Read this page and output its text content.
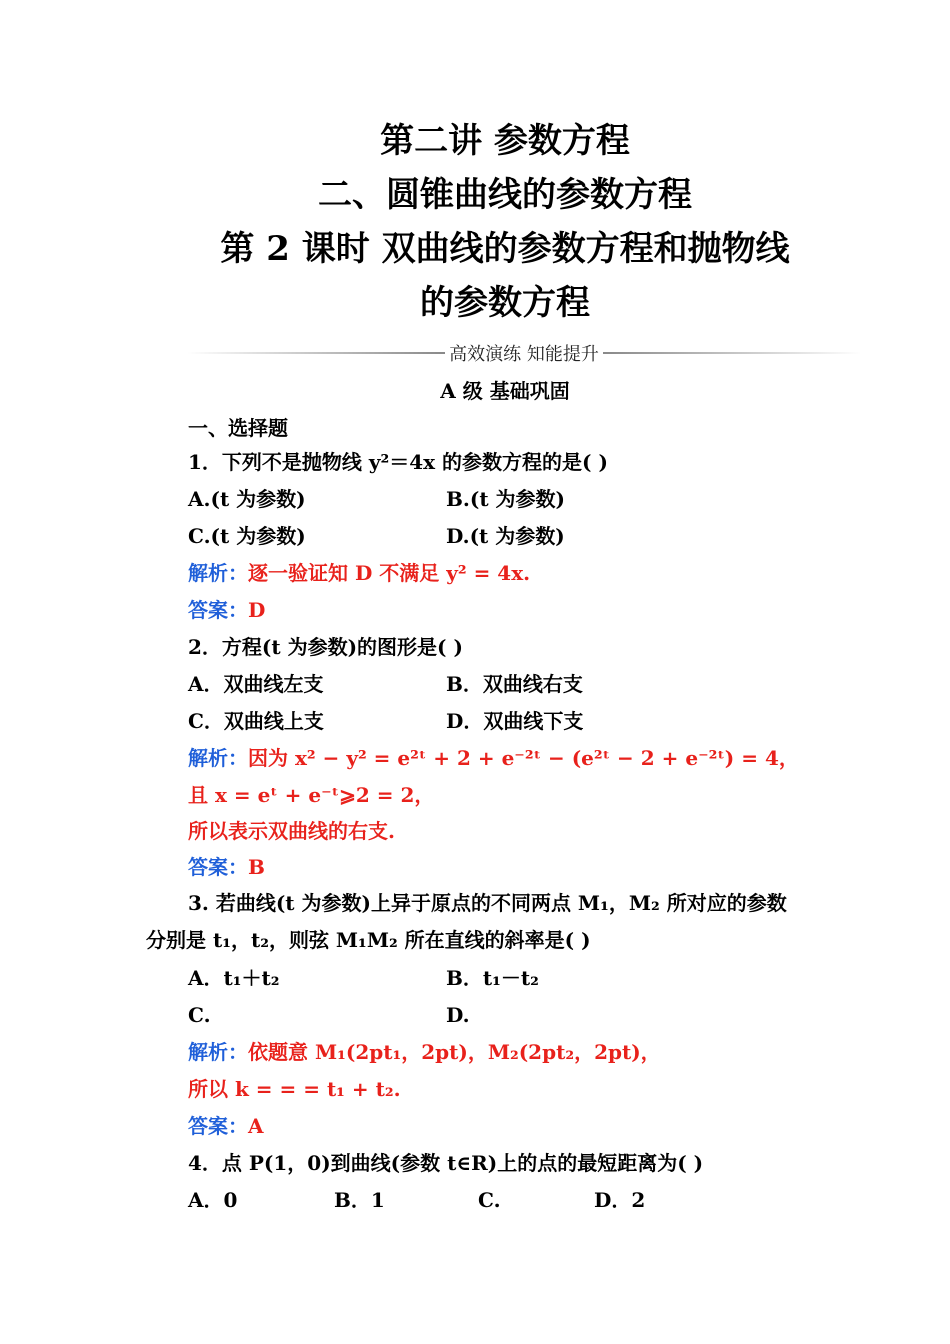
第二讲 参数方程
二、圆锥曲线的参数方程
第 2 课时 双曲线的参数方程和抛物线
的参数方程
高效演练 知能提升
A 级 基础巩固
一、选择题
1．下列不是抛物线 y²＝4x 的参数方程的是( )
A.(t 为参数)	B.(t 为参数)
C.(t 为参数)	D.(t 为参数)
解析：逐一验证知 D 不满足 y² = 4x.
答案：D
2．方程(t 为参数)的图形是( )
A．双曲线左支	B．双曲线右支
C．双曲线上支	D．双曲线下支
解析：因为 x² − y² = e²ᵗ + 2 + e⁻²ᵗ − (e²ᵗ − 2 + e⁻²ᵗ) = 4，
且 x = eᵗ + e⁻ᵗ⩾2 = 2，
所以表示双曲线的右支.
答案：B
3. 若曲线(t 为参数)上异于原点的不同两点 M₁，M₂ 所对应的参数
分别是 t₁，t₂，则弦 M₁M₂ 所在直线的斜率是( )
A．t₁＋t₂	B．t₁－t₂
C.	D.
解析：依题意 M₁(2pt₁，2pt)，M₂(2pt₂，2pt)，
所以 k = = = t₁ + t₂.
答案：A
4．点 P(1，0)到曲线(参数 t∈R)上的点的最短距离为( )
A．0	B．1	C.	D．2
